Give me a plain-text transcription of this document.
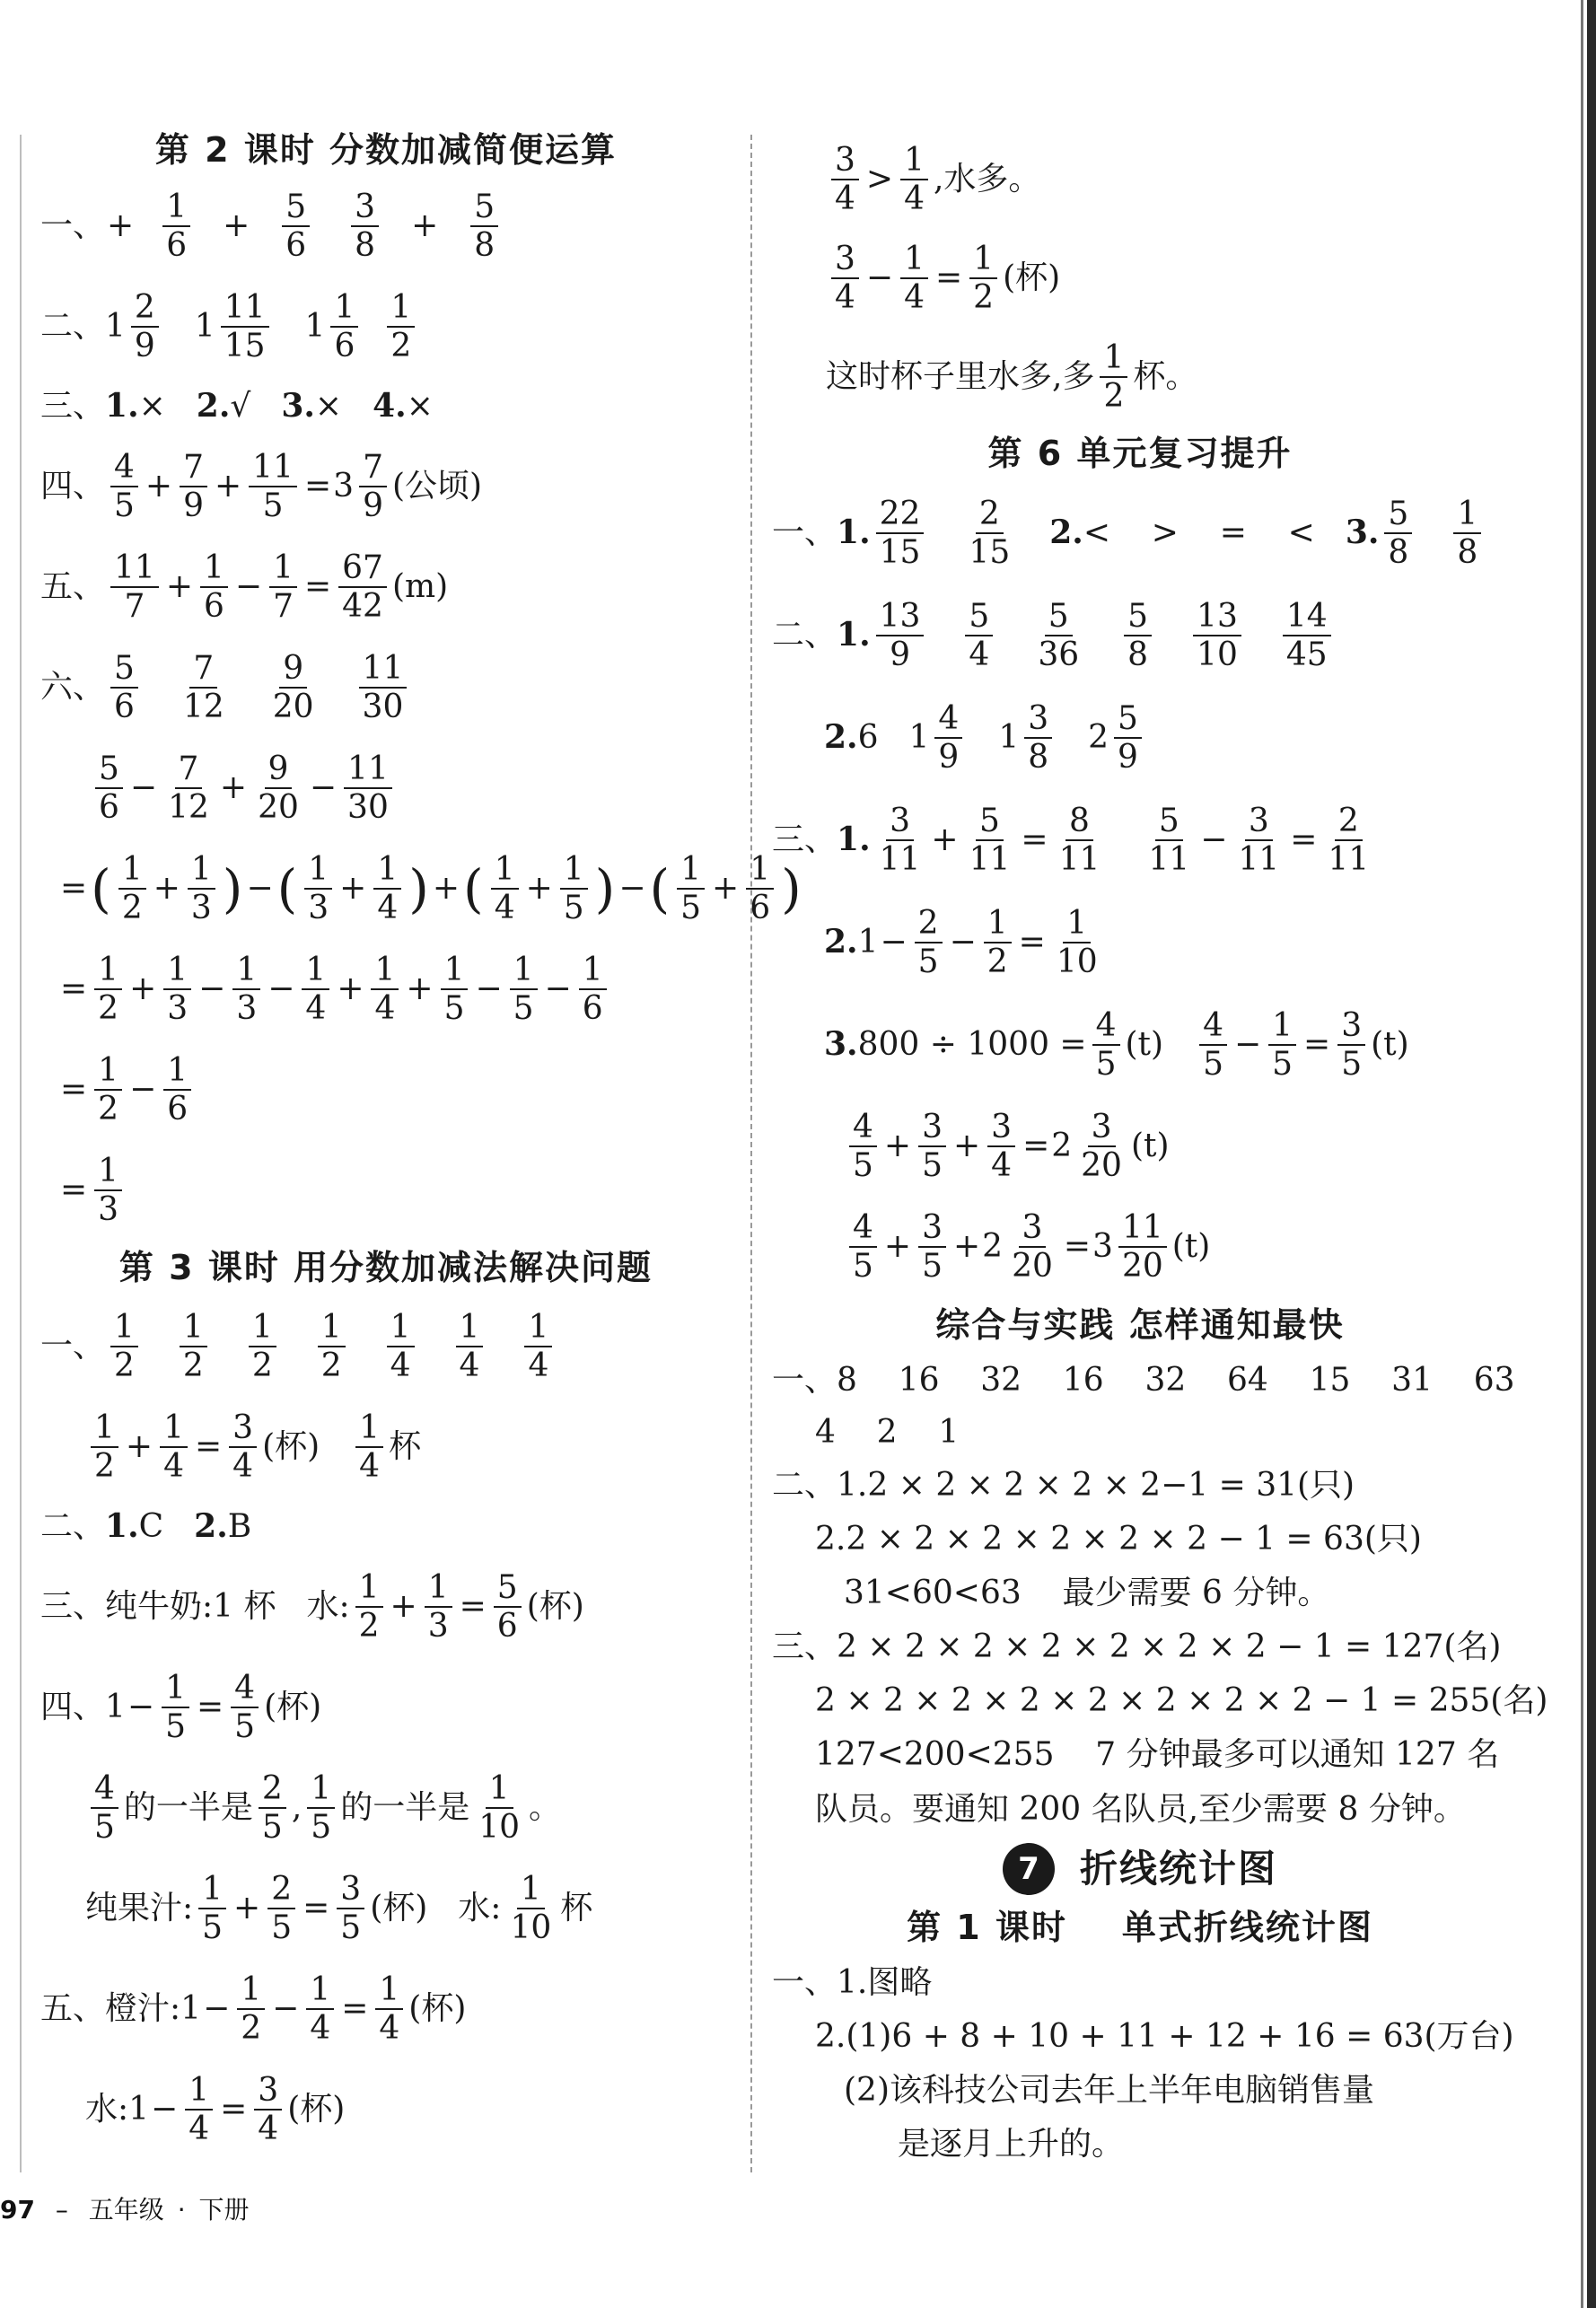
第 2 课时 分数加减简便运算
一、 + $\frac{1}{6} + \frac{5}{6} \frac{3}{8} + \frac{5}{8}$
二、 $1 \frac{2}{9} 1 \frac{11}{15} 1 \frac{1}{6} \frac{1}{2}$
三、 1. × 2. √ 3. × 4. ×
四、 $\frac{4}{5} + \frac{7}{9} + \frac{11}{5} = 3 \frac{7}{9}$ (公顷)
五、 $\frac{11}{7} + \frac{1}{6} - \frac{1}{7} = \frac{67}{42} (m)$
六、 $\frac{5}{6} \frac{7}{12} \frac{9}{20} \frac{11}{30}$
$\frac{5}{6} - \frac{7}{12} + \frac{9}{20} - \frac{11}{30}$
= ( $\frac{1}{2} + \frac{1}{3}$ ) − ( $\frac{1}{3} + \frac{1}{4}$ ) + ( $\frac{1}{4} + \frac{1}{5}$ ) − ( $\frac{1}{5} + \frac{1}{6}$ )
= $\frac{1}{2} + \frac{1}{3} - \frac{1}{3} - \frac{1}{4} + \frac{1}{4} + \frac{1}{5} - \frac{1}{5} - \frac{1}{6}$
= $\frac{1}{2} - \frac{1}{6}$
= $\frac{1}{3}$
第 3 课时 用分数加减法解决问题
一、 $\frac{1}{2} \frac{1}{2} \frac{1}{2} \frac{1}{2} \frac{1}{4} \frac{1}{4} \frac{1}{4}$
$\frac{1}{2} + \frac{1}{4} = \frac{3}{4}$ (杯) $\frac{1}{4}$ 杯
二、 1. C 2. B
三、 纯牛奶:1 杯 水: $\frac{1}{2} + \frac{1}{3} = \frac{5}{6}$ (杯)
四、 $1 - \frac{1}{5} = \frac{4}{5}$ (杯)
$\frac{4}{5}$ 的一半是 $\frac{2}{5}$ , $\frac{1}{5}$ 的一半是 $\frac{1}{10}$ 。
纯果汁: $\frac{1}{5} + \frac{2}{5} = \frac{3}{5}$ (杯) 水: $\frac{1}{10}$ 杯
五、 橙汁:1 − $\frac{1}{2} - \frac{1}{4} = \frac{1}{4}$ (杯)
水:1 − $\frac{1}{4} = \frac{3}{4}$ (杯)
$\frac{3}{4} > \frac{1}{4}$ ,水多。
$\frac{3}{4} - \frac{1}{4} = \frac{1}{2}$ (杯)
这时杯子里水多,多 $\frac{1}{2}$ 杯。
第 6 单元复习提升
一、 1. $\frac{22}{15} \frac{2}{15} 2$. <    >    =    < 3. $\frac{5}{8} \frac{1}{8}$
二、 1. $\frac{13}{9} \frac{5}{4} \frac{5}{36} \frac{5}{8} \frac{13}{10} \frac{14}{45}$
2. 6 $1 \frac{4}{9} 1 \frac{3}{8} 2 \frac{5}{9}$
三、 1. $\frac{3}{11} + \frac{5}{11} = \frac{8}{11} \frac{5}{11} - \frac{3}{11} = \frac{2}{11}$
2. $1 - \frac{2}{5} - \frac{1}{2} = \frac{1}{10}$
3. $800 \div 1000 = \frac{4}{5} (t) \frac{4}{5} - \frac{1}{5} = \frac{3}{5} (t)$
$\frac{4}{5} + \frac{3}{5} + \frac{3}{4} = 2 \frac{3}{20} (t)$
$\frac{4}{5} + \frac{3}{5} + 2 \frac{3}{20} = 3 \frac{11}{20} (t)$
综合与实践 怎样通知最快
一、 8    16    32    16    32    64    15    31    63
4    2    1
二、 1.2 × 2 × 2 × 2 × 2−1 = 31(只)
2.2 × 2 × 2 × 2 × 2 × 2 − 1 = 63(只)
31<60<63    最少需要 6 分钟。
三、 2 × 2 × 2 × 2 × 2 × 2 × 2 − 1 = 127(名)
2 × 2 × 2 × 2 × 2 × 2 × 2 × 2 − 1 = 255(名)
127<200<255    7 分钟最多可以通知 127 名
队员。要通知 200 名队员,至少需要 8 分钟。
7	折线统计图
第 1 课时    单式折线统计图
一、 1.图略
2.(1)6 + 8 + 10 + 11 + 12 + 16 = 63(万台)
(2)该科技公司去年上半年电脑销售量
是逐月上升的。
97 – 五年级 · 下册
